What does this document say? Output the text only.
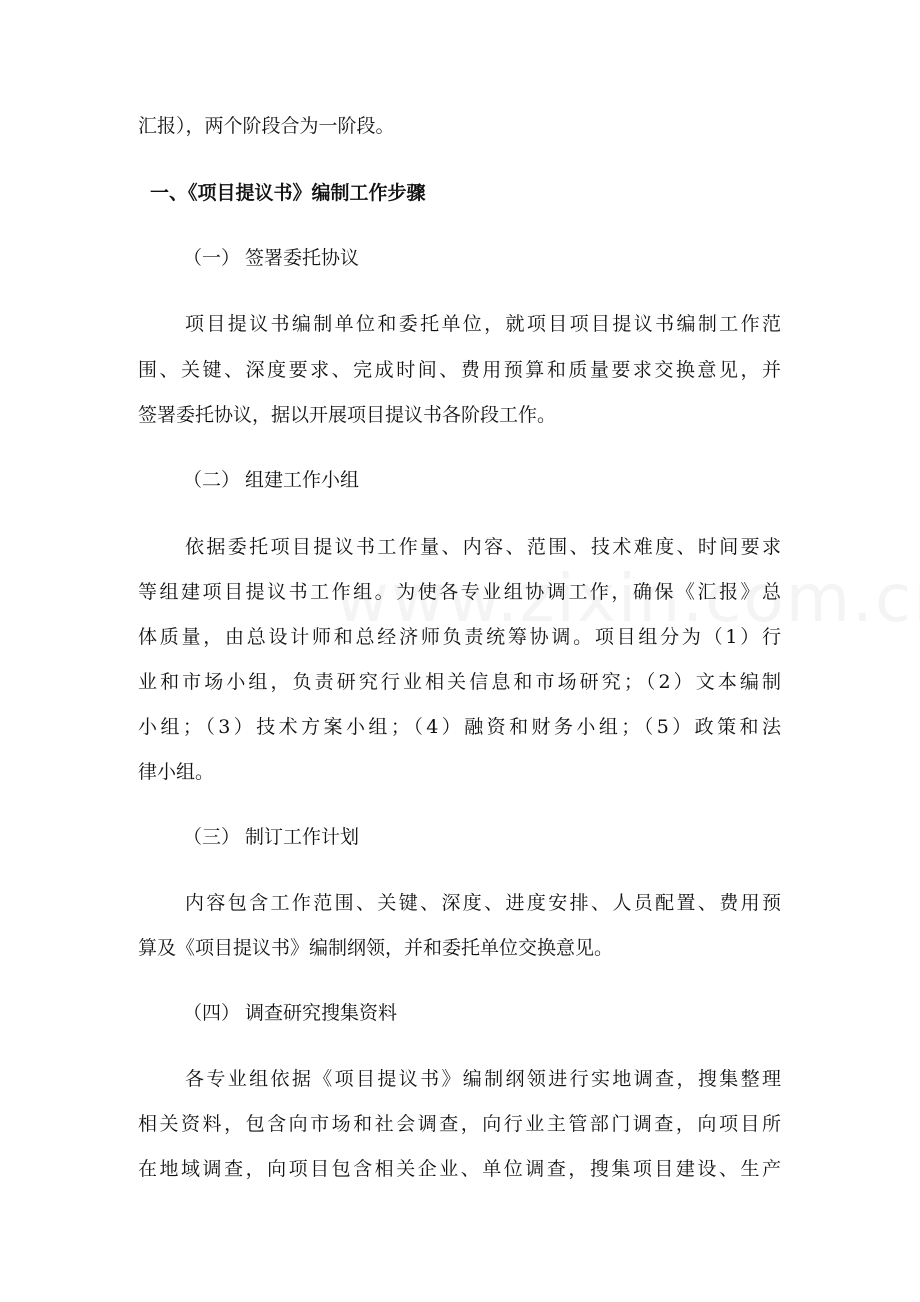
汇报），两个阶段合为一阶段。
一、《项目提议书》编制工作步骤
（一） 签署委托协议
项目提议书编制单位和委托单位，就项目项目提议书编制工作范
围、关键、深度要求、完成时间、费用预算和质量要求交换意见，并
签署委托协议，据以开展项目提议书各阶段工作。
（二） 组建工作小组
依据委托项目提议书工作量、内容、范围、技术难度、时间要求
等组建项目提议书工作组。为使各专业组协调工作，确保《汇报》总
体质量，由总设计师和总经济师负责统筹协调。项目组分为（1）行
业和市场小组，负责研究行业相关信息和市场研究；（2）文本编制
小组；（3）技术方案小组；（4）融资和财务小组；（5）政策和法
律小组。
（三） 制订工作计划
内容包含工作范围、关键、深度、进度安排、人员配置、费用预
算及《项目提议书》编制纲领，并和委托单位交换意见。
（四） 调查研究搜集资料
各专业组依据《项目提议书》编制纲领进行实地调查，搜集整理
相关资料，包含向市场和社会调查，向行业主管部门调查，向项目所
在地域调查，向项目包含相关企业、单位调查，搜集项目建设、生产
